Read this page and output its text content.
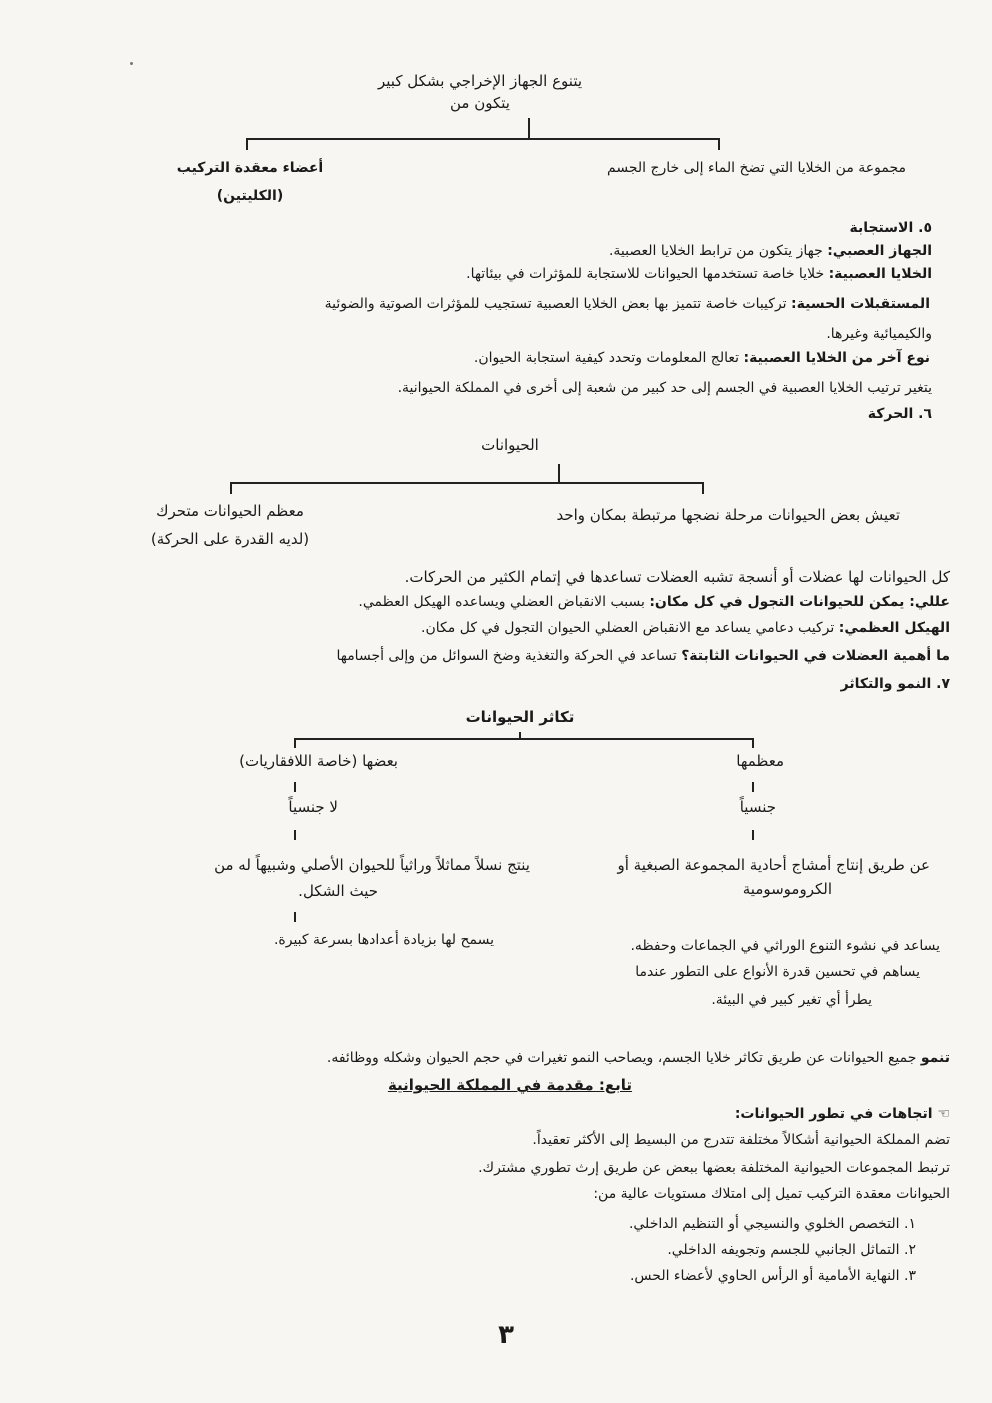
يتنوع الجهاز الإخراجي بشكل كبير
يتكون من
مجموعة من الخلايا التي تضخ الماء إلى خارج الجسم
أعضاء معقدة التركيب
(الكليتين)
٥. الاستجابة
الجهاز العصبي: جهاز يتكون من ترابط الخلايا العصبية.
الخلايا العصبية: خلايا خاصة تستخدمها الحيوانات للاستجابة للمؤثرات في بيئاتها.
المستقبلات الحسية: تركيبات خاصة تتميز بها بعض الخلايا العصبية تستجيب للمؤثرات الصوتية والضوئية
والكيميائية وغيرها.
نوع آخر من الخلايا العصبية: تعالج المعلومات وتحدد كيفية استجابة الحيوان.
يتغير ترتيب الخلايا العصبية في الجسم إلى حد كبير من شعبة إلى أخرى في المملكة الحيوانية.
٦. الحركة
الحيوانات
تعيش بعض الحيوانات مرحلة نضجها مرتبطة بمكان واحد
معظم الحيوانات متحرك
(لديه القدرة على الحركة)
كل الحيوانات لها عضلات أو أنسجة تشبه العضلات تساعدها في إتمام الكثير من الحركات.
عللي: يمكن للحيوانات التجول في كل مكان: بسبب الانقباض العضلي ويساعده الهيكل العظمي.
الهيكل العظمي: تركيب دعامي يساعد مع الانقباض العضلي الحيوان التجول في كل مكان.
ما أهمية العضلات في الحيوانات الثابتة؟ تساعد في الحركة والتغذية وضخ السوائل من وإلى أجسامها
٧. النمو والتكاثر
تكاثر الحيوانات
معظمها
جنسياً
عن طريق إنتاج أمشاج أحادية المجموعة الصبغية أو
الكروموسومية
يساعد في نشوء التنوع الوراثي في الجماعات وحفظه.
يساهم في تحسين قدرة الأنواع على التطور عندما
يطرأ أي تغير كبير في البيئة.
بعضها (خاصة اللافقاريات)
لا جنسياً
ينتج نسلاً مماثلاً وراثياً للحيوان الأصلي وشبيهاً له من
حيث الشكل.
يسمح لها بزيادة أعدادها بسرعة كبيرة.
تنمو جميع الحيوانات عن طريق تكاثر خلايا الجسم، ويصاحب النمو تغيرات في حجم الحيوان وشكله ووظائفه.
تابع: مقدمة في المملكة الحيوانية
☜ اتجاهات في تطور الحيوانات:
تضم المملكة الحيوانية أشكالاً مختلفة تتدرج من البسيط إلى الأكثر تعقيداً.
ترتبط المجموعات الحيوانية المختلفة بعضها ببعض عن طريق إرث تطوري مشترك.
الحيوانات معقدة التركيب تميل إلى امتلاك مستويات عالية من:
١. التخصص الخلوي والنسيجي أو التنظيم الداخلي.
٢. التماثل الجانبي للجسم وتجويفه الداخلي.
٣. النهاية الأمامية أو الرأس الحاوي لأعضاء الحس.
٣
